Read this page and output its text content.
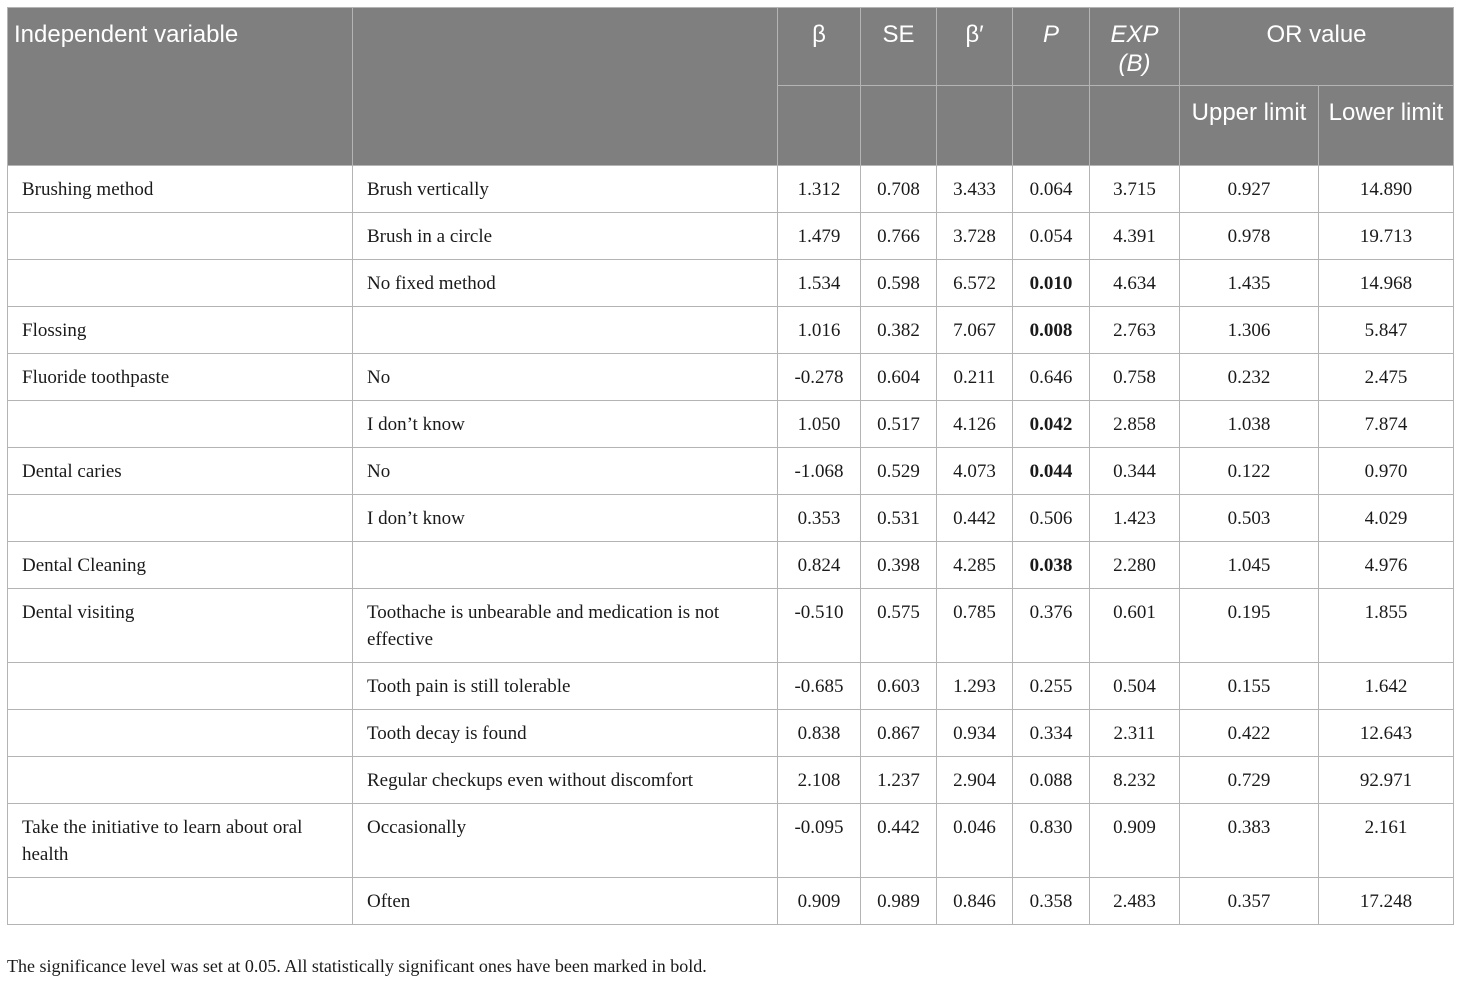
Independent variable		β	SE	β′	P	EXP (B)	OR value	
							Upper limit	Lower limit
Brushing method	Brush vertically	1.312	0.708	3.433	0.064	3.715	0.927	14.890
	Brush in a circle	1.479	0.766	3.728	0.054	4.391	0.978	19.713
	No fixed method	1.534	0.598	6.572	0.010	4.634	1.435	14.968
Flossing		1.016	0.382	7.067	0.008	2.763	1.306	5.847
Fluoride toothpaste	No	-0.278	0.604	0.211	0.646	0.758	0.232	2.475
	I don’t know	1.050	0.517	4.126	0.042	2.858	1.038	7.874
Dental caries	No	-1.068	0.529	4.073	0.044	0.344	0.122	0.970
	I don’t know	0.353	0.531	0.442	0.506	1.423	0.503	4.029
Dental Cleaning		0.824	0.398	4.285	0.038	2.280	1.045	4.976
Dental visiting	Toothache is unbearable and medication is not effective	-0.510	0.575	0.785	0.376	0.601	0.195	1.855
	Tooth pain is still tolerable	-0.685	0.603	1.293	0.255	0.504	0.155	1.642
	Tooth decay is found	0.838	0.867	0.934	0.334	2.311	0.422	12.643
	Regular checkups even without discomfort	2.108	1.237	2.904	0.088	8.232	0.729	92.971
Take the initiative to learn about oral health	Occasionally	-0.095	0.442	0.046	0.830	0.909	0.383	2.161
	Often	0.909	0.989	0.846	0.358	2.483	0.357	17.248
The significance level was set at 0.05. All statistically significant ones have been marked in bold.
